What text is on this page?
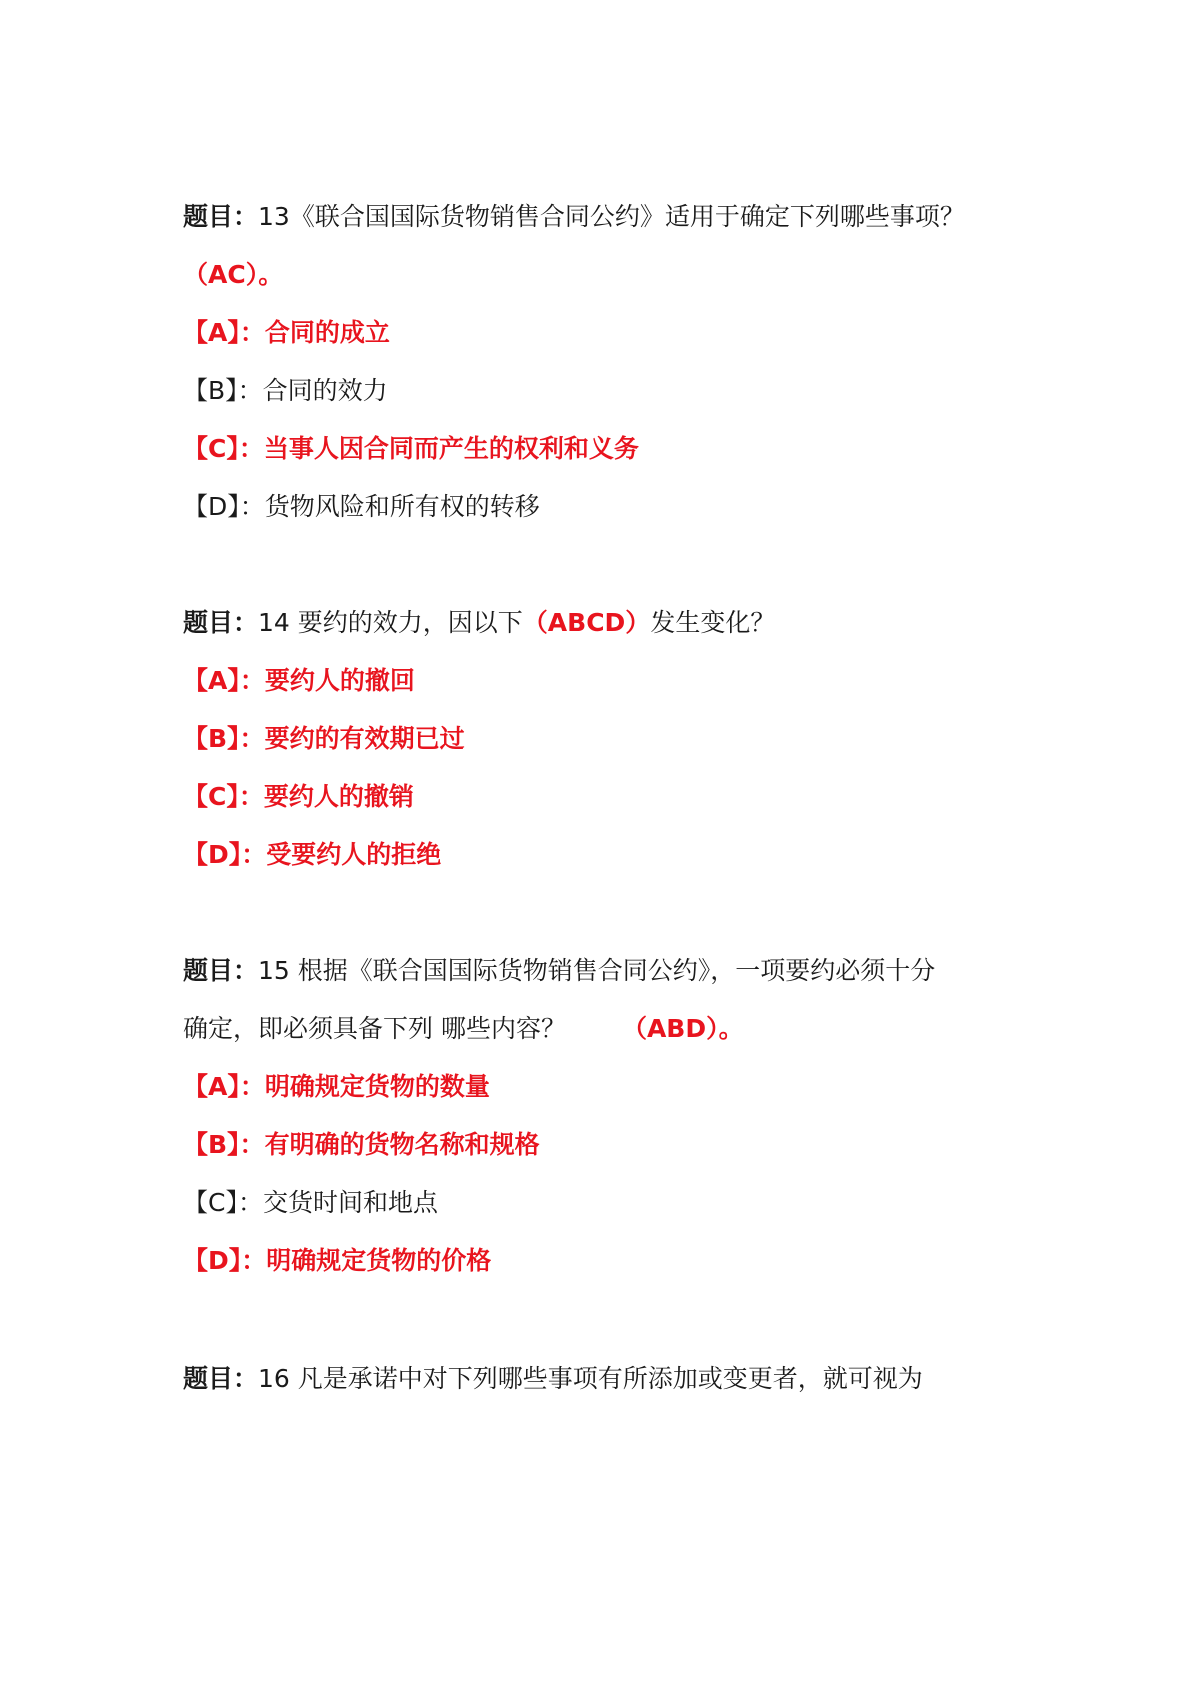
题目：13《联合国国际货物销售合同公约》适用于确定下列哪些事项？
（AC）。
【A】：合同的成立
【B】：合同的效力
【C】：当事人因合同而产生的权利和义务
【D】：货物风险和所有权的转移
题目：14 要约的效力，因以下（ABCD）发生变化？
【A】：要约人的撤回
【B】：要约的有效期已过
【C】：要约人的撤销
【D】：受要约人的拒绝
题目：15 根据《联合国国际货物销售合同公约》，一项要约必须十分
确定，即必须具备下列 哪些内容？ （ABD）。
【A】：明确规定货物的数量
【B】：有明确的货物名称和规格
【C】：交货时间和地点
【D】：明确规定货物的价格
题目：16 凡是承诺中对下列哪些事项有所添加或变更者，就可视为
